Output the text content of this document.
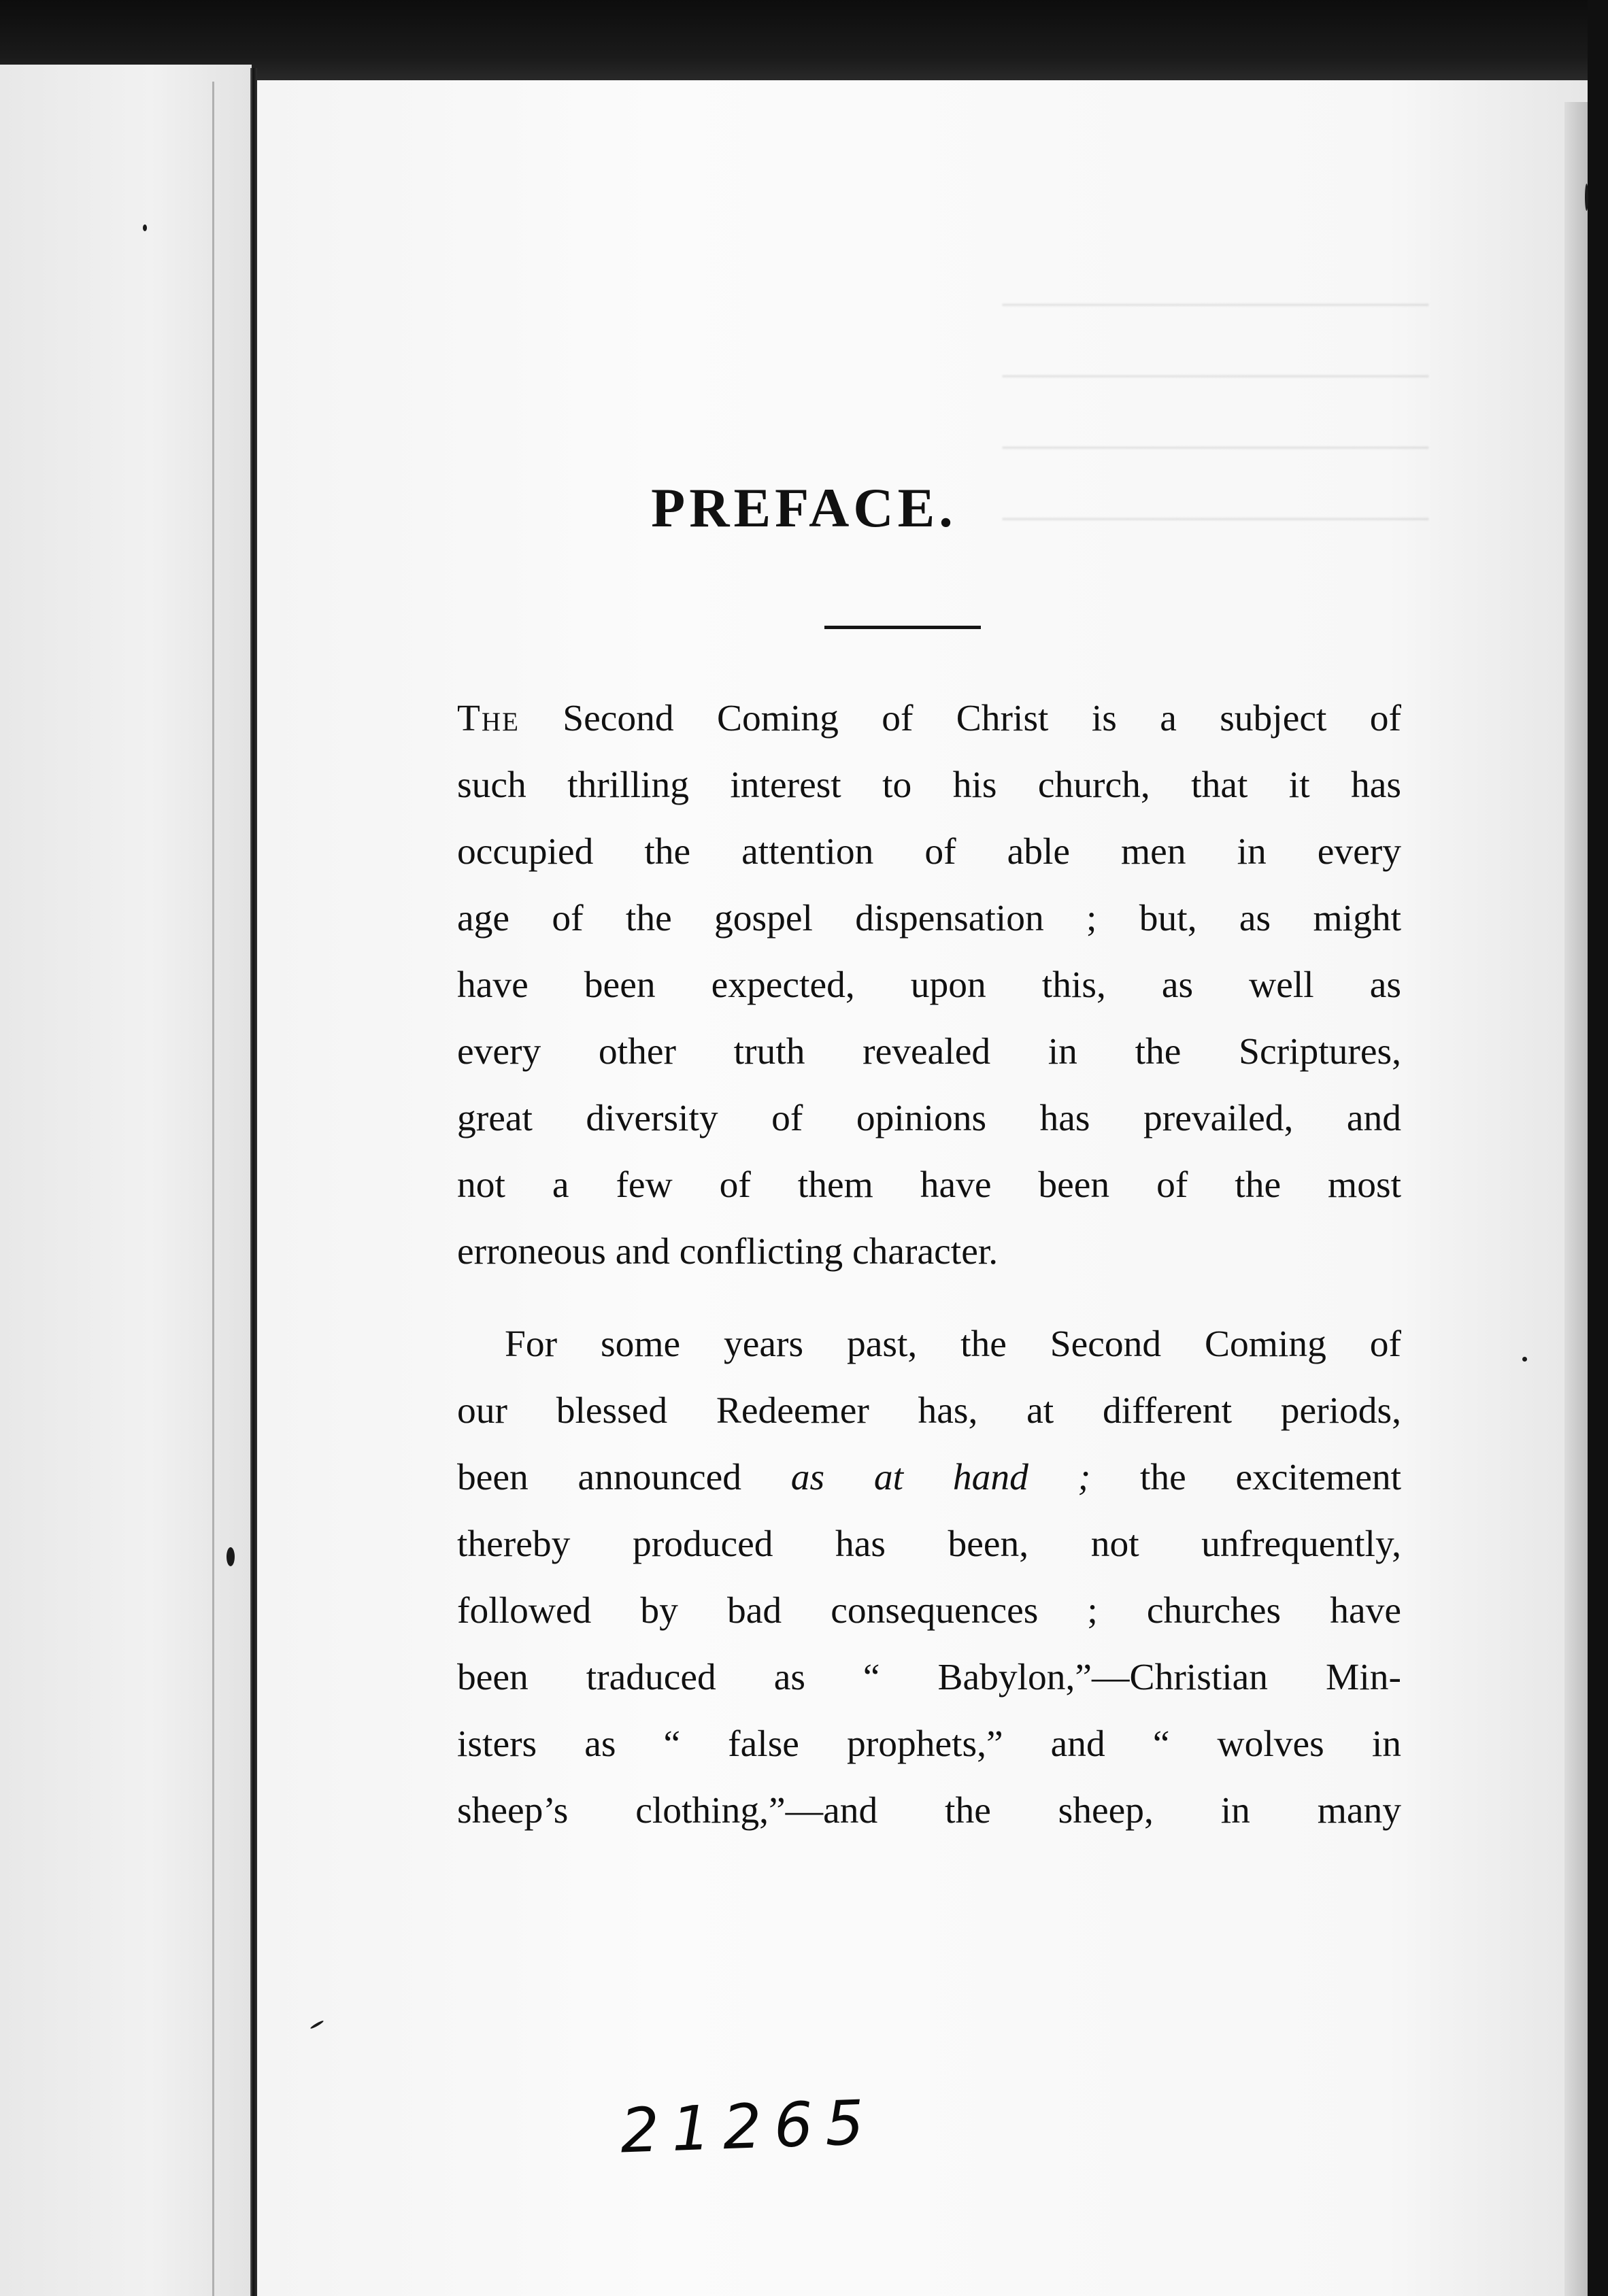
─────────────────
─────────────────
─────────────────
─────────────────
PREFACE.
The Second Coming of Christ is a subject of
such thrilling interest to his church, that it has
occupied the attention of able men in every
age of the gospel dispensation ; but, as might
have been expected, upon this, as well as
every other truth revealed in the Scriptures,
great diversity of opinions has prevailed, and
not a few of them have been of the most
erroneous and conflicting character.
For some years past, the Second Coming of
our blessed Redeemer has, at different periods,
been announced as at hand ; the excitement
thereby produced has been, not unfrequently,
followed by bad consequences ; churches have
been traduced as “ Babylon,”—Christian Min-
isters as “ false prophets,” and “ wolves in
sheep’s clothing,”—and the sheep, in many
21265
